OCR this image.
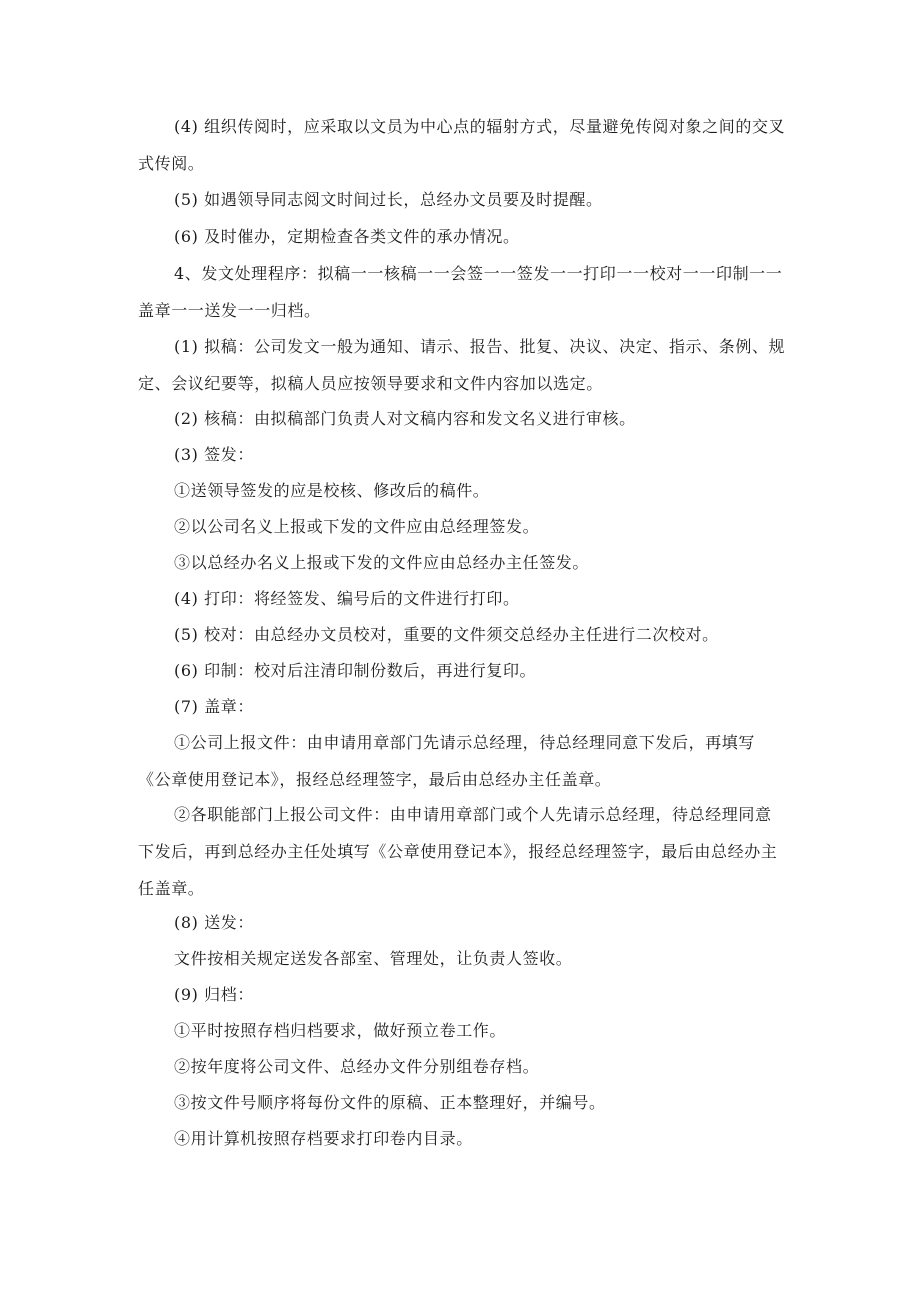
(4) 组织传阅时，应采取以文员为中心点的辐射方式，尽量避免传阅对象之间的交叉式传阅。

(5) 如遇领导同志阅文时间过长，总经办文员要及时提醒。

(6) 及时催办，定期检查各类文件的承办情况。

4、发文处理程序：拟稿一一核稿一一会签一一签发一一打印一一校对一一印制一一盖章一一送发一一归档。

(1) 拟稿：公司发文一般为通知、请示、报告、批复、决议、决定、指示、条例、规定、会议纪要等，拟稿人员应按领导要求和文件内容加以选定。

(2) 核稿：由拟稿部门负责人对文稿内容和发文名义进行审核。

(3) 签发：

①送领导签发的应是校核、修改后的稿件。

②以公司名义上报或下发的文件应由总经理签发。

③以总经办名义上报或下发的文件应由总经办主任签发。

(4) 打印：将经签发、编号后的文件进行打印。

(5) 校对：由总经办文员校对，重要的文件须交总经办主任进行二次校对。

(6) 印制：校对后注清印制份数后，再进行复印。

(7) 盖章：

①公司上报文件：由申请用章部门先请示总经理，待总经理同意下发后，再填写《公章使用登记本》，报经总经理签字，最后由总经办主任盖章。

②各职能部门上报公司文件：由申请用章部门或个人先请示总经理，待总经理同意下发后，再到总经办主任处填写《公章使用登记本》，报经总经理签字，最后由总经办主任盖章。

(8) 送发：

文件按相关规定送发各部室、管理处，让负责人签收。

(9) 归档：

①平时按照存档归档要求，做好预立卷工作。

②按年度将公司文件、总经办文件分别组卷存档。

③按文件号顺序将每份文件的原稿、正本整理好，并编号。

④用计算机按照存档要求打印卷内目录。
